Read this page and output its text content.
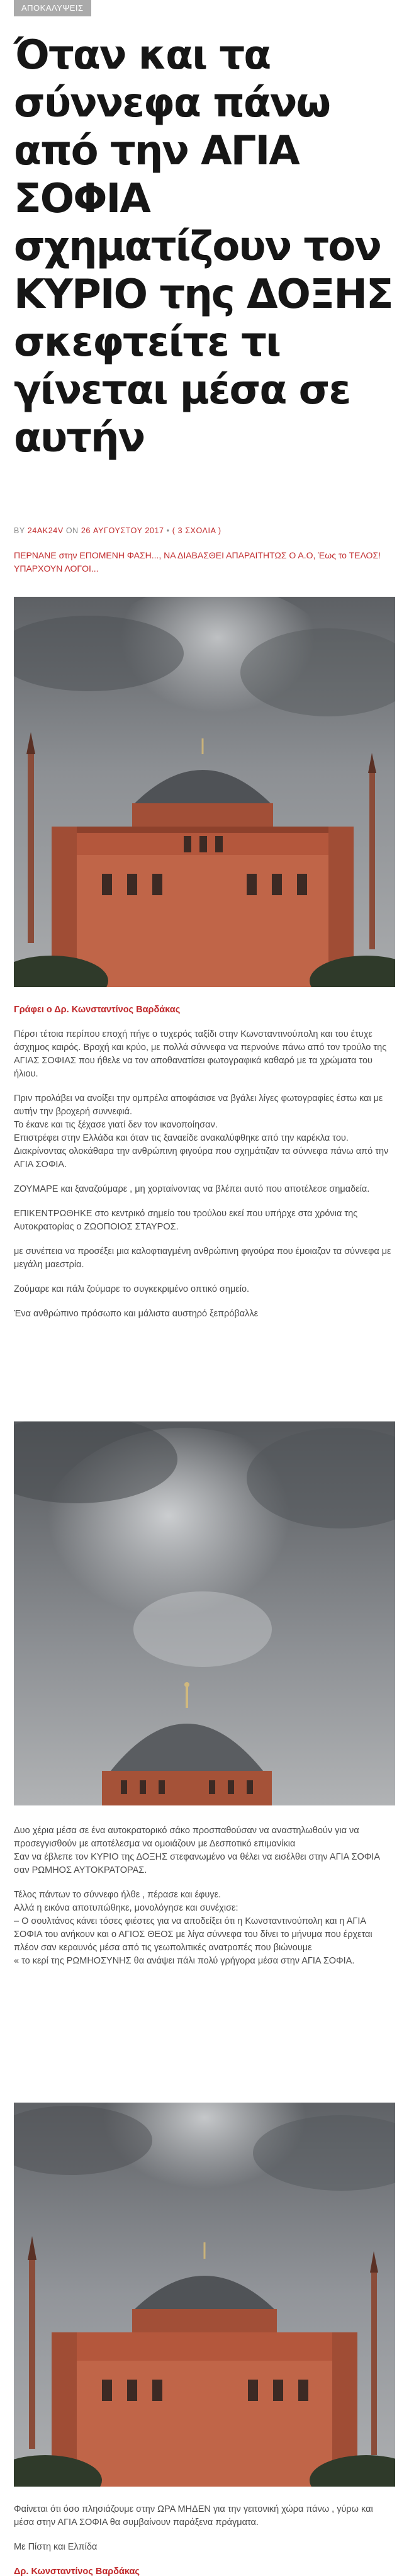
ΑΠΟΚΑΛΥΨΕΙΣ
Όταν και τα σύννεφα πάνω από την ΑΓΙΑ ΣΟΦΙΑ σχηματίζουν τον ΚΥΡΙΟ της ΔΟΞΗΣ σκεφτείτε τι γίνεται μέσα σε αυτήν
BY 24AK24V ON 26 ΑΥΓΟΥΣΤΟΥ 2017 • ( 3 ΣΧΟΛΙΑ )
ΠΕΡΝΑΝΕ στην ΕΠΟΜΕΝΗ ΦΑΣΗ..., ΝΑ ΔΙΑΒΑΣΘΕΙ ΑΠΑΡΑΙΤΗΤΩΣ Ο Α.Ο, Έως το ΤΕΛΟΣ! ΥΠΑΡΧΟΥΝ ΛΟΓΟΙ...

Γράφει ο Δρ. Κωνσταντίνος Βαρδάκας

Πέρσι τέτοια περίπου εποχή πήγε ο τυχερός ταξίδι στην Κωνσταντινούπολη και του έτυχε άσχημος καιρός. Βροχή και κρύο, με πολλά σύννεφα να περνούνε πάνω από τον τρούλο της ΑΓΙΑΣ ΣΟΦΙΑΣ που ήθελε να τον αποθανατίσει φωτογραφικά καθαρό με τα χρώματα του ήλιου.

Πριν προλάβει να ανοίξει την ομπρέλα αποφάσισε να βγάλει λίγες φωτογραφίες έστω και με αυτήν την βροχερή συννεφιά.
Το έκανε και τις ξέχασε γιατί δεν τον ικανοποίησαν.
Επιστρέφει στην Ελλάδα και όταν τις ξαναείδε ανακαλύφθηκε από την καρέκλα του.
Διακρίνοντας ολοκάθαρα την ανθρώπινη φιγούρα που σχημάτιζαν τα σύννεφα πάνω από την ΑΓΙΑ ΣΟΦΙΑ.

ΖΟΥΜΑΡΕ και ξαναζούμαρε , μη χορταίνοντας να βλέπει αυτό που αποτέλεσε σημαδεία.

ΕΠΙΚΕΝΤΡΩΘΗΚΕ στο κεντρικό σημείο του τρούλου εκεί που υπήρχε στα χρόνια της Αυτοκρατορίας ο ΖΩΟΠΟΙΟΣ ΣΤΑΥΡΟΣ.

με συνέπεια να προσέξει μια καλοφτιαγμένη ανθρώπινη φιγούρα που έμοιαζαν τα σύννεφα με μεγάλη μαεστρία.

Ζούμαρε και πάλι ζούμαρε το συγκεκριμένο οπτικό σημείο.

Ένα ανθρώπινο πρόσωπο και μάλιστα αυστηρό ξεπρόβαλλε

Δυο χέρια μέσα σε ένα αυτοκρατορικό σάκο προσπαθούσαν να αναστηλωθούν για να προσεγγισθούν με αποτέλεσμα να ομοιάζουν με Δεσποτικό επιμανίκια
Σαν να έβλεπε τον ΚΥΡΙΟ της ΔΟΞΗΣ στεφανωμένο να θέλει να εισέλθει στην ΑΓΙΑ ΣΟΦΙΑ σαν ΡΩΜΗΟΣ ΑΥΤΟΚΡΑΤΟΡΑΣ.

Τέλος πάντων το σύννεφο ήλθε , πέρασε και έφυγε.
Αλλά η εικόνα αποτυπώθηκε, μονολόγησε και συνέχισε:
– Ο σουλτάνος κάνει τόσες φιέστες για να αποδείξει ότι η Κωνσταντινούπολη και η ΑΓΙΑ ΣΟΦΙΑ του ανήκουν και ο ΑΓΙΟΣ ΘΕΟΣ με λίγα σύννεφα του δίνει το μήνυμα που έρχεται πλέον σαν κεραυνός μέσα από τις γεωπολιτικές ανατροπές που βιώνουμε
« το κερί της ΡΩΜΗΟΣΥΝΗΣ θα ανάψει πάλι πολύ γρήγορα μέσα στην ΑΓΙΑ ΣΟΦΙΑ.

Φαίνεται ότι όσο πλησιάζουμε στην ΩΡΑ ΜΗΔΕΝ για την γειτονική χώρα πάνω , γύρω και μέσα στην ΑΓΙΑ ΣΟΦΙΑ θα συμβαίνουν παράξενα πράγματα.

Με Πίστη και Ελπίδα

Δρ. Κωνσταντίνος Βαρδάκας
